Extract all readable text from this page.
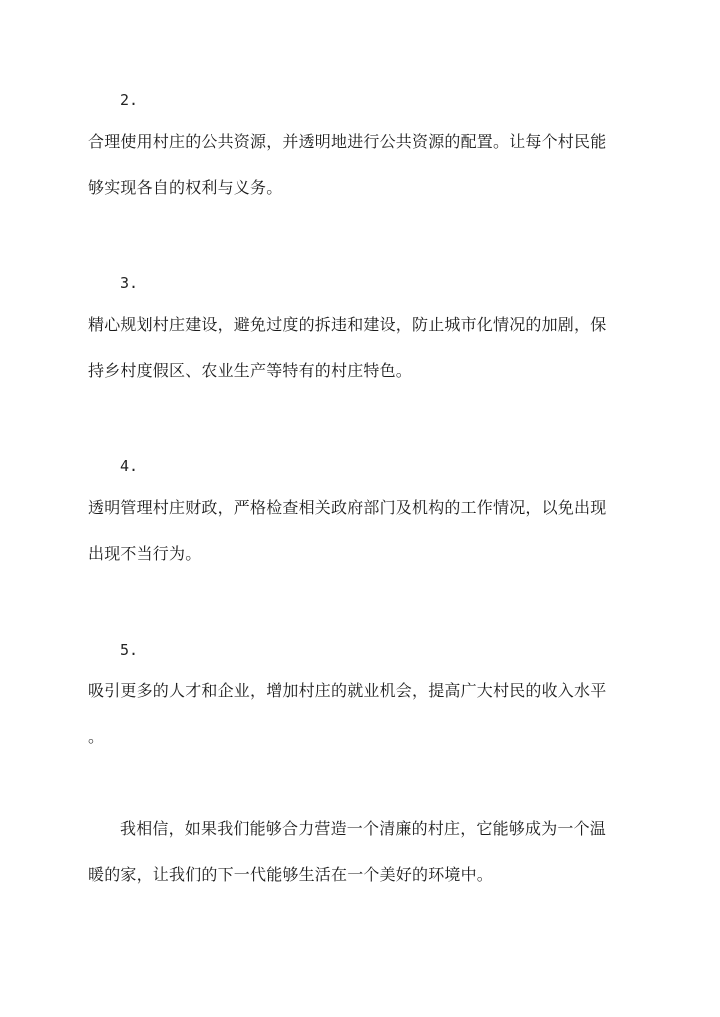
2.
合理使用村庄的公共资源，并透明地进行公共资源的配置。让每个村民能
够实现各自的权利与义务。
3.
精心规划村庄建设，避免过度的拆违和建设，防止城市化情况的加剧，保
持乡村度假区、农业生产等特有的村庄特色。
4.
透明管理村庄财政，严格检查相关政府部门及机构的工作情况，以免出现
出现不当行为。
5.
吸引更多的人才和企业，增加村庄的就业机会，提高广大村民的收入水平
。
我相信，如果我们能够合力营造一个清廉的村庄，它能够成为一个温
暖的家，让我们的下一代能够生活在一个美好的环境中。
